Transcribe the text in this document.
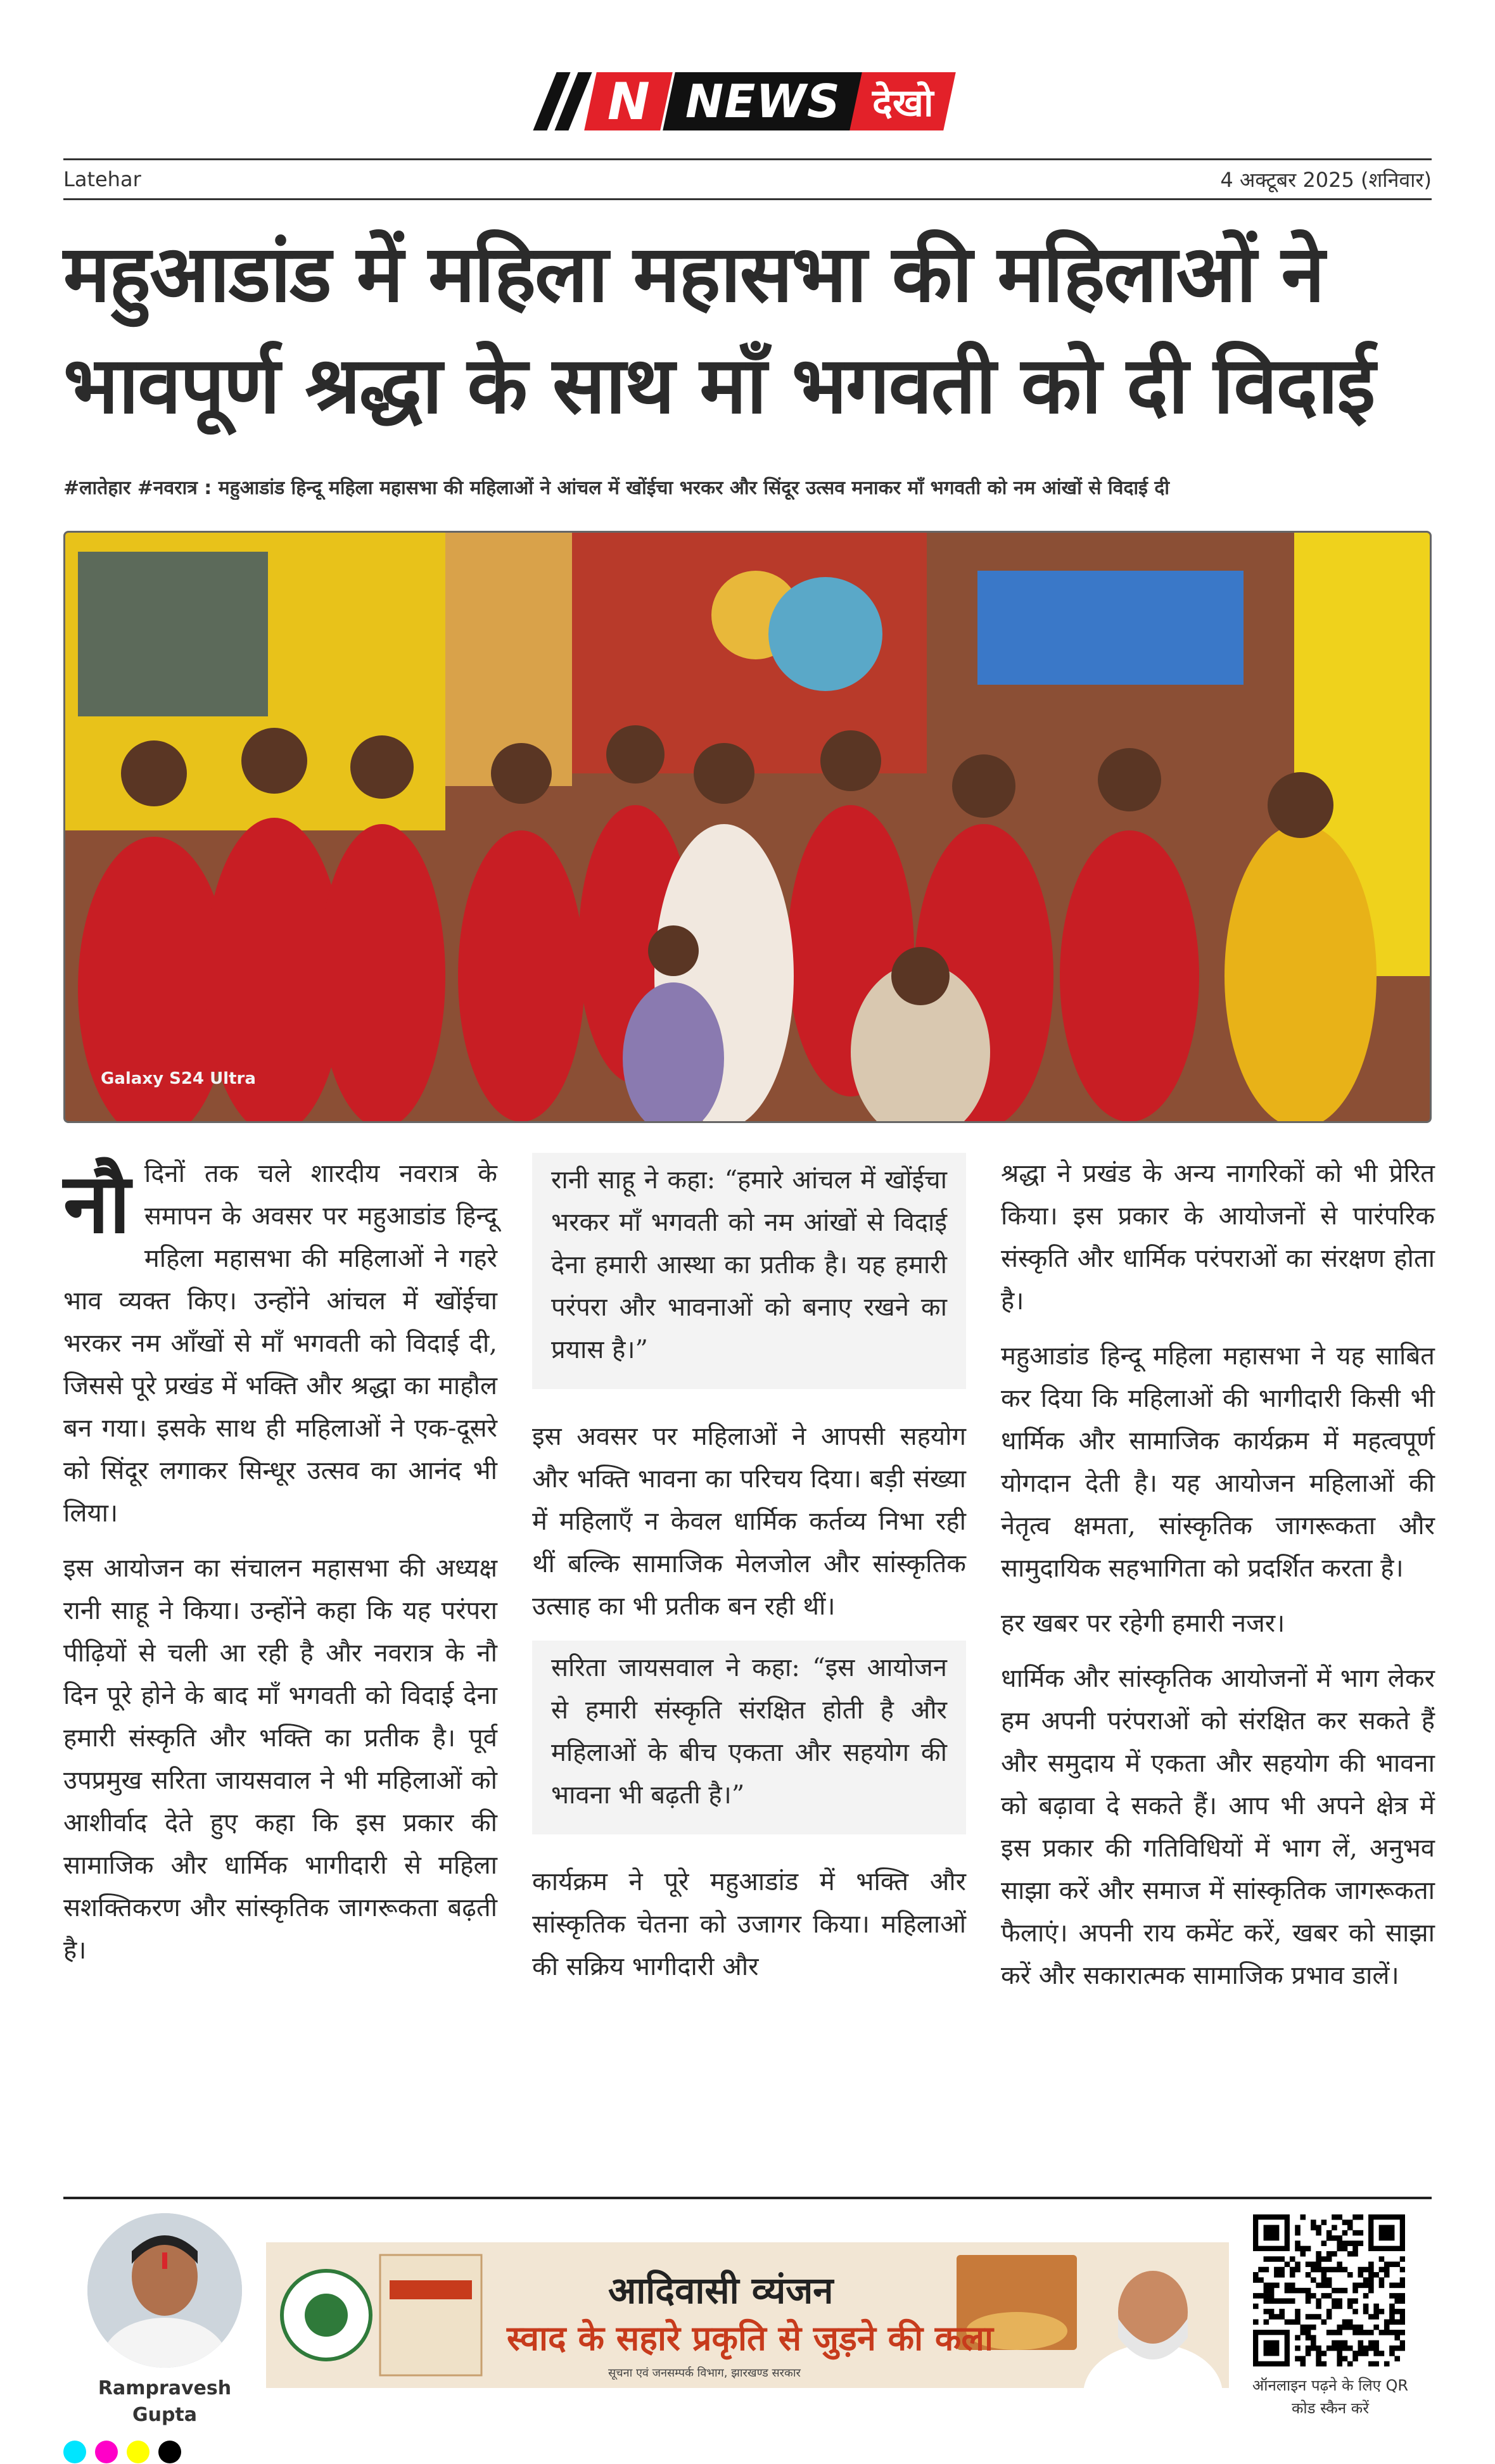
N NEWS देखो
Latehar	4 अक्टूबर 2025 (शनिवार)
महुआडांड में महिला महासभा की महिलाओं ने
भावपूर्ण श्रद्धा के साथ माँ भगवती को दी विदाई
#लातेहार #नवरात्र : महुआडांड हिन्दू महिला महासभा की महिलाओं ने आंचल में खोंईचा भरकर और सिंदूर उत्सव मनाकर माँ भगवती को नम आंखों से विदाई दी
Galaxy S24 Ultra

नौ दिनों तक चले शारदीय नवरात्र के समापन के अवसर पर महुआडांड हिन्दू महिला महासभा की महिलाओं ने गहरे भाव व्यक्त किए। उन्होंने आंचल में खोंईचा भरकर नम आँखों से माँ भगवती को विदाई दी, जिससे पूरे प्रखंड में भक्ति और श्रद्धा का माहौल बन गया। इसके साथ ही महिलाओं ने एक-दूसरे को सिंदूर लगाकर सिन्धूर उत्सव का आनंद भी लिया।

इस आयोजन का संचालन महासभा की अध्यक्ष रानी साहू ने किया। उन्होंने कहा कि यह परंपरा पीढ़ियों से चली आ रही है और नवरात्र के नौ दिन पूरे होने के बाद माँ भगवती को विदाई देना हमारी संस्कृति और भक्ति का प्रतीक है। पूर्व उपप्रमुख सरिता जायसवाल ने भी महिलाओं को आशीर्वाद देते हुए कहा कि इस प्रकार की सामाजिक और धार्मिक भागीदारी से महिला सशक्तिकरण और सांस्कृतिक जागरूकता बढ़ती है।

रानी साहू ने कहा: “हमारे आंचल में खोंईचा भरकर माँ भगवती को नम आंखों से विदाई देना हमारी आस्था का प्रतीक है। यह हमारी परंपरा और भावनाओं को बनाए रखने का प्रयास है।”

इस अवसर पर महिलाओं ने आपसी सहयोग और भक्ति भावना का परिचय दिया। बड़ी संख्या में महिलाएँ न केवल धार्मिक कर्तव्य निभा रही थीं बल्कि सामाजिक मेलजोल और सांस्कृतिक उत्साह का भी प्रतीक बन रही थीं।

सरिता जायसवाल ने कहा: “इस आयोजन से हमारी संस्कृति संरक्षित होती है और महिलाओं के बीच एकता और सहयोग की भावना भी बढ़ती है।”

कार्यक्रम ने पूरे महुआडांड में भक्ति और सांस्कृतिक चेतना को उजागर किया। महिलाओं की सक्रिय भागीदारी और

श्रद्धा ने प्रखंड के अन्य नागरिकों को भी प्रेरित किया। इस प्रकार के आयोजनों से पारंपरिक संस्कृति और धार्मिक परंपराओं का संरक्षण होता है।

महुआडांड हिन्दू महिला महासभा ने यह साबित कर दिया कि महिलाओं की भागीदारी किसी भी धार्मिक और सामाजिक कार्यक्रम में महत्वपूर्ण योगदान देती है। यह आयोजन महिलाओं की नेतृत्व क्षमता, सांस्कृतिक जागरूकता और सामुदायिक सहभागिता को प्रदर्शित करता है।

हर खबर पर रहेगी हमारी नजर।

धार्मिक और सांस्कृतिक आयोजनों में भाग लेकर हम अपनी परंपराओं को संरक्षित कर सकते हैं और समुदाय में एकता और सहयोग की भावना को बढ़ावा दे सकते हैं। आप भी अपने क्षेत्र में इस प्रकार की गतिविधियों में भाग लें, अनुभव साझा करें और समाज में सांस्कृतिक जागरूकता फैलाएं। अपनी राय कमेंट करें, खबर को साझा करें और सकारात्मक सामाजिक प्रभाव डालें।

Rampravesh Gupta
आदिवासी व्यंजन
स्वाद के सहारे प्रकृति से जुड़ने की कला
सूचना एवं जनसम्पर्क विभाग, झारखण्ड सरकार
ऑनलाइन पढ़ने के लिए QR कोड स्कैन करें
